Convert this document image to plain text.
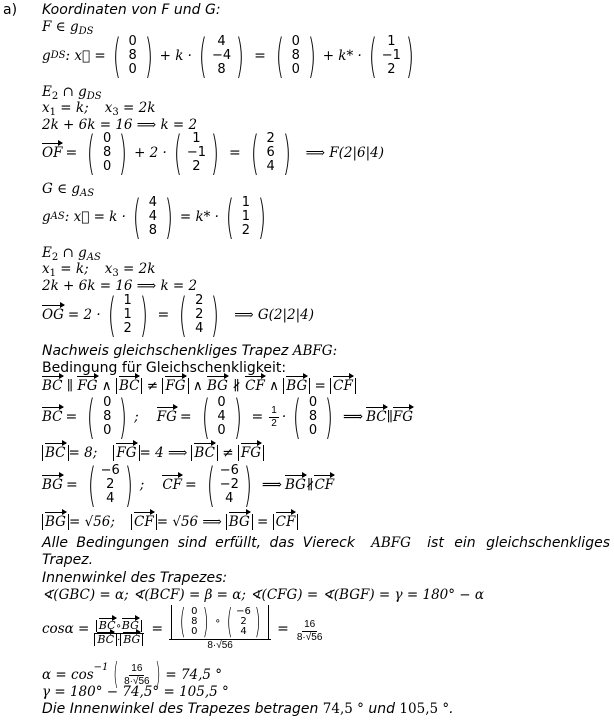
a) Koordinaten von F und G:
F ∈ $g_{DS}$
g DS : x⃗ = ( 0
8
0 ) + k · ( 4
−4
8 ) = ( 0
8
0 ) + k* · ( 1
−1
2 )
$E_2$ ∩ $g_{DS}$
$x_1 = k$; $x_3 = 2k$
2k + 6k = 16 ⟹ k = 2
OF = ( 0
8
0 ) + 2 · ( 1
−1
2 ) = ( 2
6
4 ) ⟹ F(2|6|4)
G ∈ $g_{AS}$
g AS : x⃗ = k · ( 4
4
8 ) = k* · ( 1
1
2 )
$E_2$ ∩ $g_{AS}$
$x_1 = k$; $x_3 = 2k$
2k + 6k = 16 ⟹ k = 2
OG = 2 · ( 1
1
2 ) = ( 2
2
4 ) ⟹ G(2|2|4)
Nachweis gleichschenkliges Trapez ABFG:
Bedingung für Gleichschenkligkeit:
BC ∥ FG ∧ BC ≠ FG ∧ BG ∦ CF ∧ BG = CF
BC = ( 0
8
0 ) ; FG = ( 0
4
0 ) = $\frac{1}{2}$ · ( 0
8
0 ) ⟹ BC ∥ FG
BC = 8; FG = 4 ⟹ BC ≠ FG
BG = ( −6
2
4 ) ; CF = ( −6
−2
4 ) ⟹ BG ∦ CF
BG = √56; CF = √56 ⟹ BG = CF
Alle Bedingungen sind erfüllt, das Viereck ABFG ist ein gleichschenkliges
Trapez.
Innenwinkel des Trapezes:
∢(GBC) = α; ∢(BCF) = β = α; ∢(CFG) = ∢(BGF) = γ = 180° − α
$\cos\alpha = \frac{BC\circ BG}{BC \cdot BG}$ = ( 0
8
0 ) ∘ ( −6
2
4 )
$8\cdot√56 = \frac{16}{8\cdot√56}$
$\alpha = \cos^{-1}$ ( $\frac{16}{8\cdot√56}$ ) = 74,5 °
γ = 180° − 74,5° = 105,5 °
Die Innenwinkel des Trapezes betragen 74,5 ° und 105,5 °.
